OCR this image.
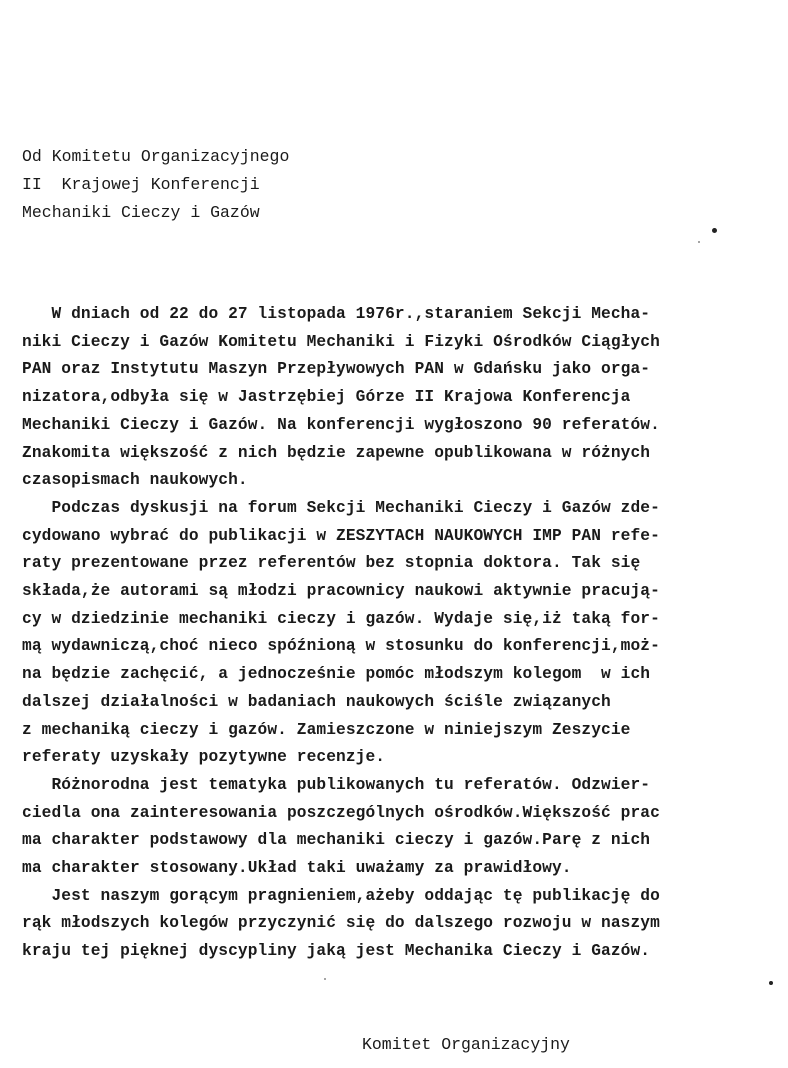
Od Komitetu Organizacyjnego
II  Krajowej Konferencji
Mechaniki Cieczy i Gazów
W dniach od 22 do 27 listopada 1976r.,staraniem Sekcji Mecha-
niki Cieczy i Gazów Komitetu Mechaniki i Fizyki Ośrodków Ciągłych
PAN oraz Instytutu Maszyn Przepływowych PAN w Gdańsku jako orga-
nizatora,odbyła się w Jastrzębiej Górze II Krajowa Konferencja
Mechaniki Cieczy i Gazów. Na konferencji wygłoszono 90 referatów.
Znakomita większość z nich będzie zapewne opublikowana w różnych
czasopismach naukowych.
Podczas dyskusji na forum Sekcji Mechaniki Cieczy i Gazów zde-
cydowano wybrać do publikacji w ZESZYTACH NAUKOWYCH IMP PAN refe-
raty prezentowane przez referentów bez stopnia doktora. Tak się
składa,że autorami są młodzi pracownicy naukowi aktywnie pracują-
cy w dziedzinie mechaniki cieczy i gazów. Wydaje się,iż taką for-
mą wydawniczą,choć nieco spóźnioną w stosunku do konferencji,moż-
na będzie zachęcić, a jednocześnie pomóc młodszym kolegom  w ich
dalszej działalności w badaniach naukowych ściśle związanych
z mechaniką cieczy i gazów. Zamieszczone w niniejszym Zeszycie
referaty uzyskały pozytywne recenzje.
Różnorodna jest tematyka publikowanych tu referatów. Odzwier-
ciedla ona zainteresowania poszczególnych ośrodków.Większość prac
ma charakter podstawowy dla mechaniki cieczy i gazów.Parę z nich
ma charakter stosowany.Układ taki uważamy za prawidłowy.
Jest naszym gorącym pragnieniem,ażeby oddając tę publikację do
rąk młodszych kolegów przyczynić się do dalszego rozwoju w naszym
kraju tej pięknej dyscypliny jaką jest Mechanika Cieczy i Gazów.
Komitet Organizacyjny
